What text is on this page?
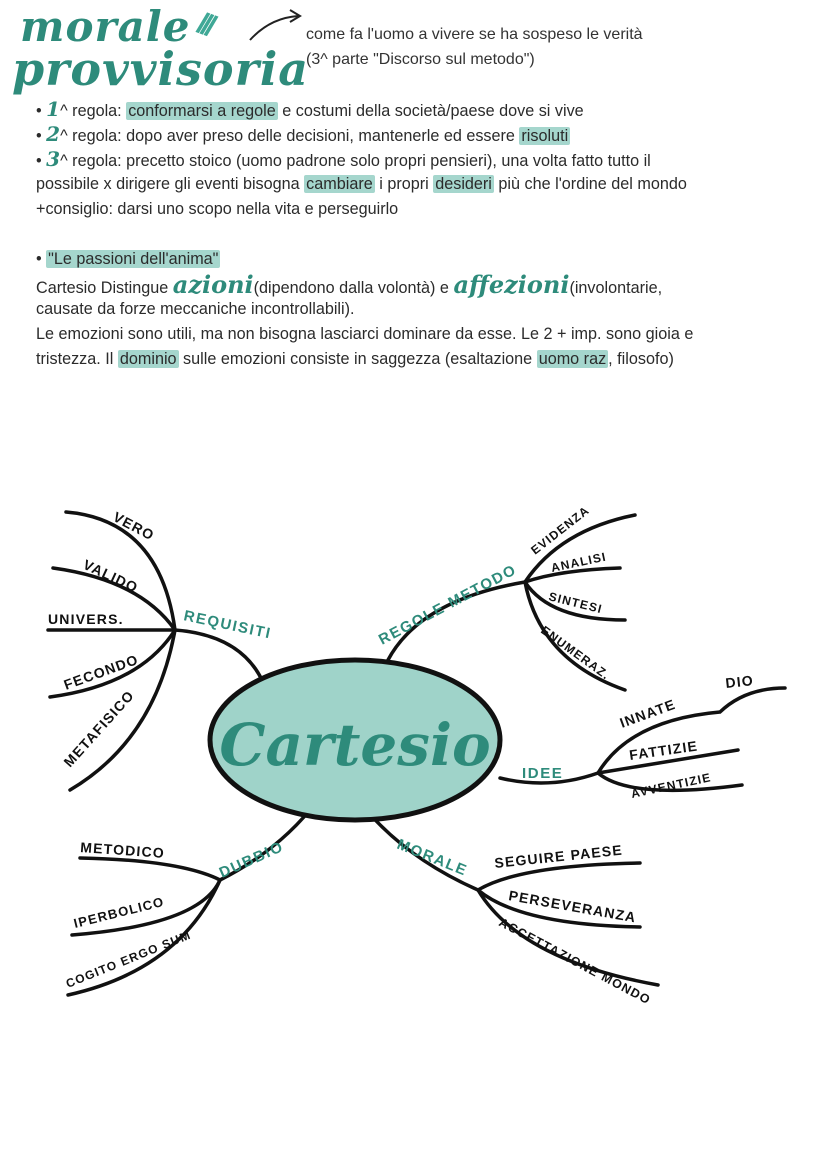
morale ///
provvisoria
come fa l'uomo a vivere se ha sospeso le verità
(3^ parte "Discorso sul metodo")
• 1^ regola: conformarsi a regole e costumi della società/paese dove si vive
• 2^ regola: dopo aver preso delle decisioni, mantenerle ed essere risoluti
• 3^ regola: precetto stoico (uomo padrone solo propri pensieri), una volta fatto tutto il
possibile x dirigere gli eventi bisogna cambiare i propri desideri più che l'ordine del mondo
+consiglio: darsi uno scopo nella vita e perseguirlo
• "Le passioni dell'anima"
Cartesio Distingue azioni(dipendono dalla volontà) e affezioni(involontarie,
causate da forze meccaniche incontrollabili).
Le emozioni sono utili, ma non bisogna lasciarci dominare da esse. Le 2 + imp. sono gioia e
tristezza. Il dominio sulle emozioni consiste in saggezza (esaltazione uomo raz , filosofo)
Cartesio
REQUISITI	REGOLE METODO
IDEE
DUBBIO	MORALE
VERO
VALIDO
UNIVERS.
FECONDO
METAFISICO
EVIDENZA
ANALISI
SINTESI
ENUMERAZ.
INNATE
DIO
FATTIZIE
AVVENTIZIE
METODICO
IPERBOLICO
COGITO ERGO SUM
SEGUIRE PAESE
PERSEVERANZA
ACCETTAZIONE MONDO
